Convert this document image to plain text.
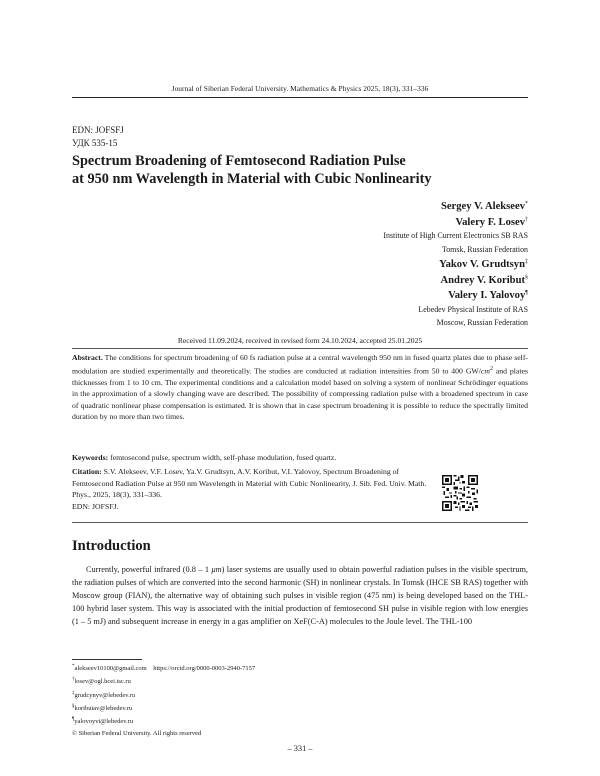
Journal of Siberian Federal University. Mathematics & Physics 2025, 18(3), 331–336
EDN: JOFSFJ
УДК 535-15
Spectrum Broadening of Femtosecond Radiation Pulse
at 950 nm Wavelength in Material with Cubic Nonlinearity
Sergey V. Alekseev*
Valery F. Losev†
Institute of High Current Electronics SB RAS
Tomsk, Russian Federation
Yakov V. Grudtsyn‡
Andrey V. Koribut§
Valery I. Yalovoy¶
Lebedev Physical Institute of RAS
Moscow, Russian Federation
Received 11.09.2024, received in revised form 24.10.2024, accepted 25.01.2025
Abstract. The conditions for spectrum broadening of 60 fs radiation pulse at a central wavelength 950 nm in fused quartz plates due to phase self-modulation are studied experimentally and theoretically. The studies are conducted at radiation intensities from 50 to 400 $GW/cm^2$ and plates thicknesses from 1 to 10 cm. The experimental conditions and a calculation model based on solving a system of nonlinear Schrödinger equations in the approximation of a slowly changing wave are described. The possibility of compressing radiation pulse with a broadened spectrum in case of quadratic nonlinear phase compensation is estimated. It is shown that in case spectrum broadening it is possible to reduce the spectrally limited duration by no more than two times.
Keywords: femtosecond pulse, spectrum width, self-phase modulation, fused quartz.
Citation: S.V. Alekseev, V.F. Losev, Ya.V. Grudtsyn, A.V. Koribut, V.I. Yalovoy, Spectrum Broadening of Femtosecond Radiation Pulse at 950 nm Wavelength in Material with Cubic Nonlinearity, J. Sib. Fed. Univ. Math. Phys., 2025, 18(3), 331–336.
EDN: JOFSFJ.
Introduction
Currently, powerful infrared (0.8 – 1 μm) laser systems are usually used to obtain powerful radiation pulses in the visible spectrum, the radiation pulses of which are converted into the second harmonic (SH) in nonlinear crystals. In Tomsk (IHCE SB RAS) together with Moscow group (FIAN), the alternative way of obtaining such pulses in visible region (475 nm) is being developed based on the THL-100 hybrid laser system. This way is associated with the initial production of femtosecond SH pulse in visible region with low energies (1 – 5 mJ) and subsequent increase in energy in a gas amplifier on XeF(C-A) molecules to the Joule level. The THL-100
*alekseev10100@gmail.com https://orcid.org/0000-0003-2940-7157
†losev@ogl.hcei.tsc.ru
‡grudcynyv@lebedev.ru
§koributav@lebedev.ru
¶yalovoyvi@lebedev.ru
© Siberian Federal University. All rights reserved
– 331 –
